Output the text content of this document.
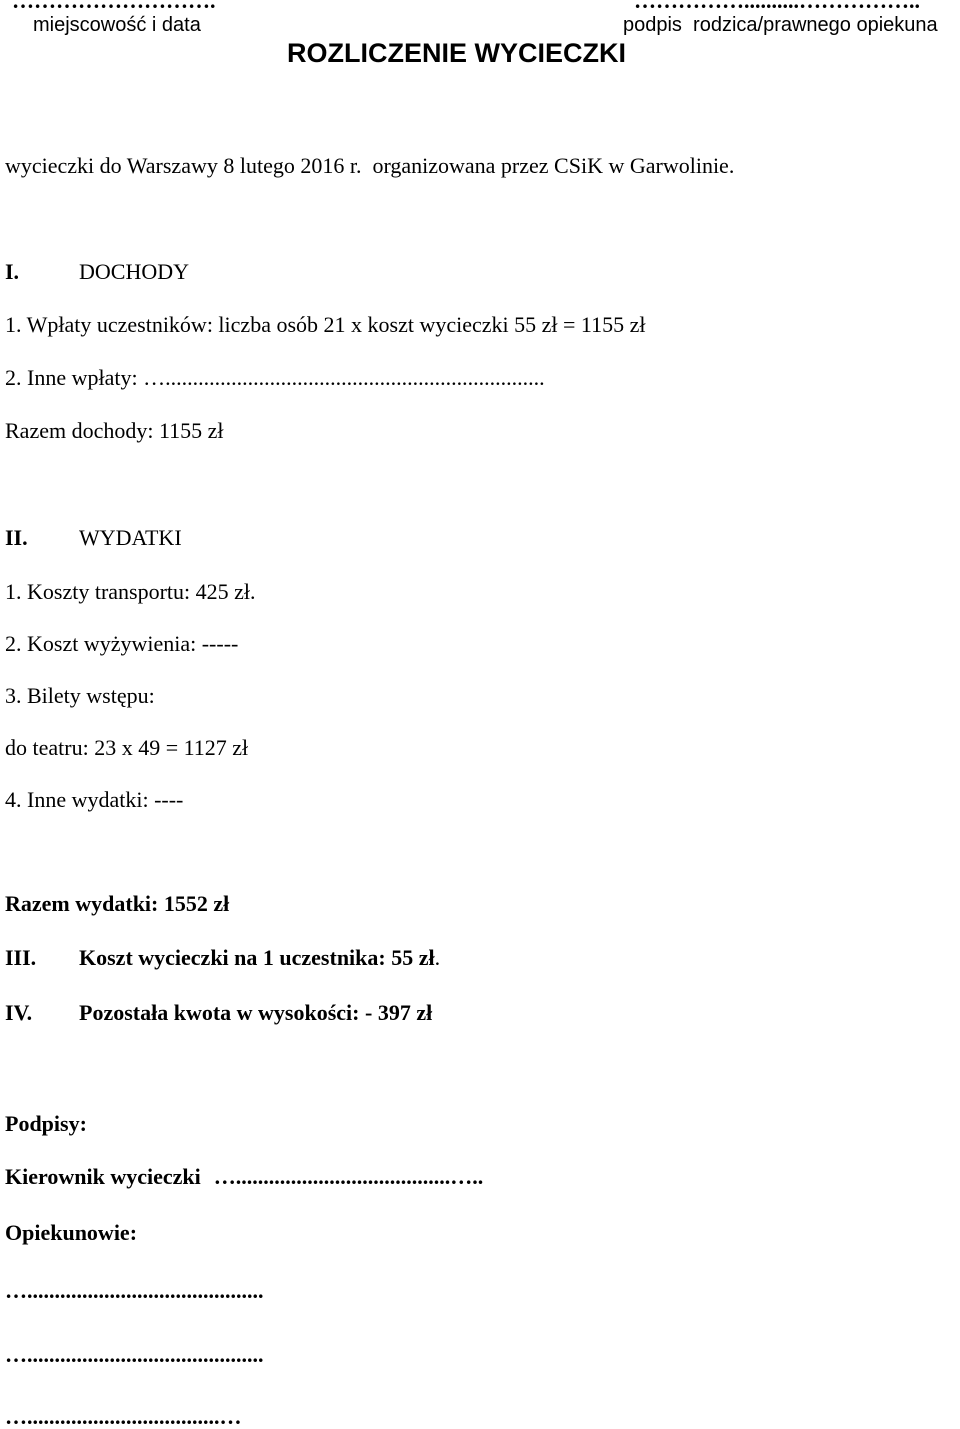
……………………….	……………..........……………..
miejscowość i data	podpis  rodzica/prawnego opiekuna
ROZLICZENIE WYCIECZKI
wycieczki do Warszawy 8 lutego 2016 r.  organizowana przez CSiK w Garwolinie.
I.	DOCHODY
1. Wpłaty uczestników: liczba osób 21 x koszt wycieczki 55 zł = 1155 zł
2. Inne wpłaty: ….....................................................................
Razem dochody: 1155 zł
II. WYDATKI
1. Koszty transportu: 425 zł.
2. Koszt wyżywienia: -----
3. Bilety wstępu:
do teatru: 23 x 49 = 1127 zł
4. Inne wydatki: ----
Razem wydatki: 1552 zł
III. Koszt wycieczki na 1 uczestnika: 55 zł.
IV. Pozostała kwota w wysokości: - 397 zł
Podpisy:
Kierownik wycieczki ….......................................…..
Opiekunowie:
…...........................................
…...........................................
…...................................…
